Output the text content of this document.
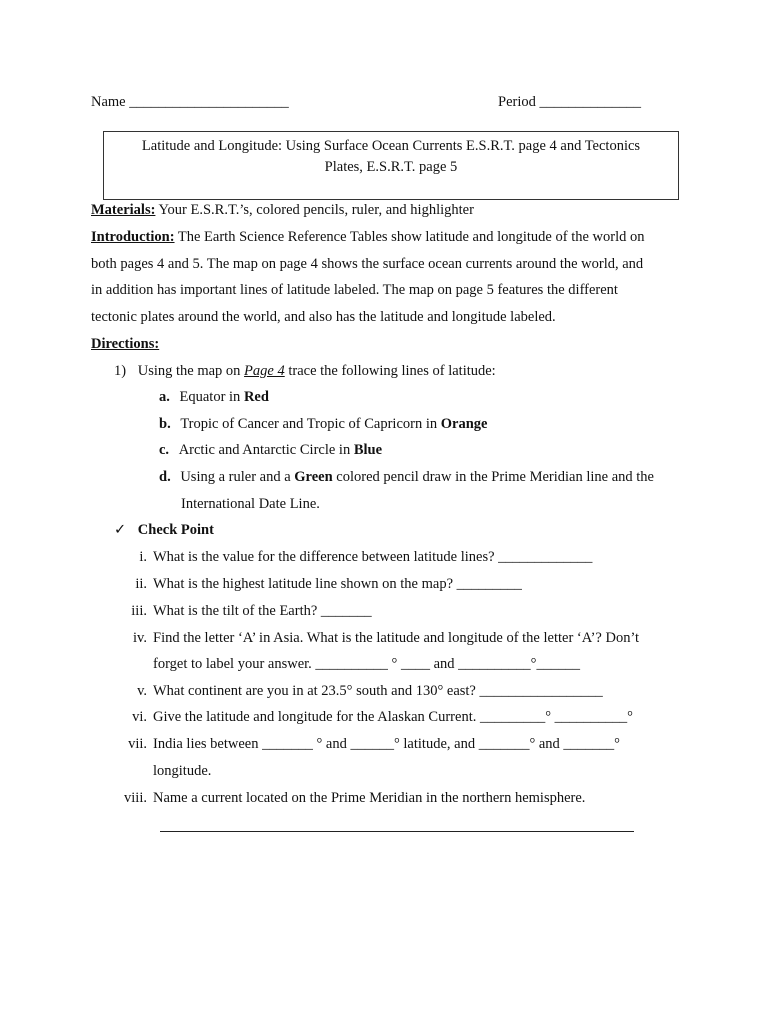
Name ______________________	Period ______________
Latitude and Longitude: Using Surface Ocean Currents E.S.R.T. page 4 and Tectonics
Plates, E.S.R.T. page 5
Materials: Your E.S.R.T.’s, colored pencils, ruler, and highlighter
Introduction: The Earth Science Reference Tables show latitude and longitude of the world on
both pages 4 and 5. The map on page 4 shows the surface ocean currents around the world, and
in addition has important lines of latitude labeled. The map on page 5 features the different
tectonic plates around the world, and also has the latitude and longitude labeled.
Directions:
1) Using the map on Page 4 trace the following lines of latitude:
a. Equator in Red
b. Tropic of Cancer and Tropic of Capricorn in Orange
c. Arctic and Antarctic Circle in Blue
d. Using a ruler and a Green colored pencil draw in the Prime Meridian line and the
International Date Line.
✓ Check Point
i. What is the value for the difference between latitude lines? _____________
ii. What is the highest latitude line shown on the map? _________
iii. What is the tilt of the Earth? _______
iv. Find the letter ‘A’ in Asia. What is the latitude and longitude of the letter ‘A’? Don’t
forget to label your answer. __________ ° ____ and __________°______
v. What continent are you in at 23.5° south and 130° east? _________________
vi. Give the latitude and longitude for the Alaskan Current. _________° __________°
vii. India lies between _______ ° and ______° latitude, and _______° and _______°
longitude.
viii. Name a current located on the Prime Meridian in the northern hemisphere.
